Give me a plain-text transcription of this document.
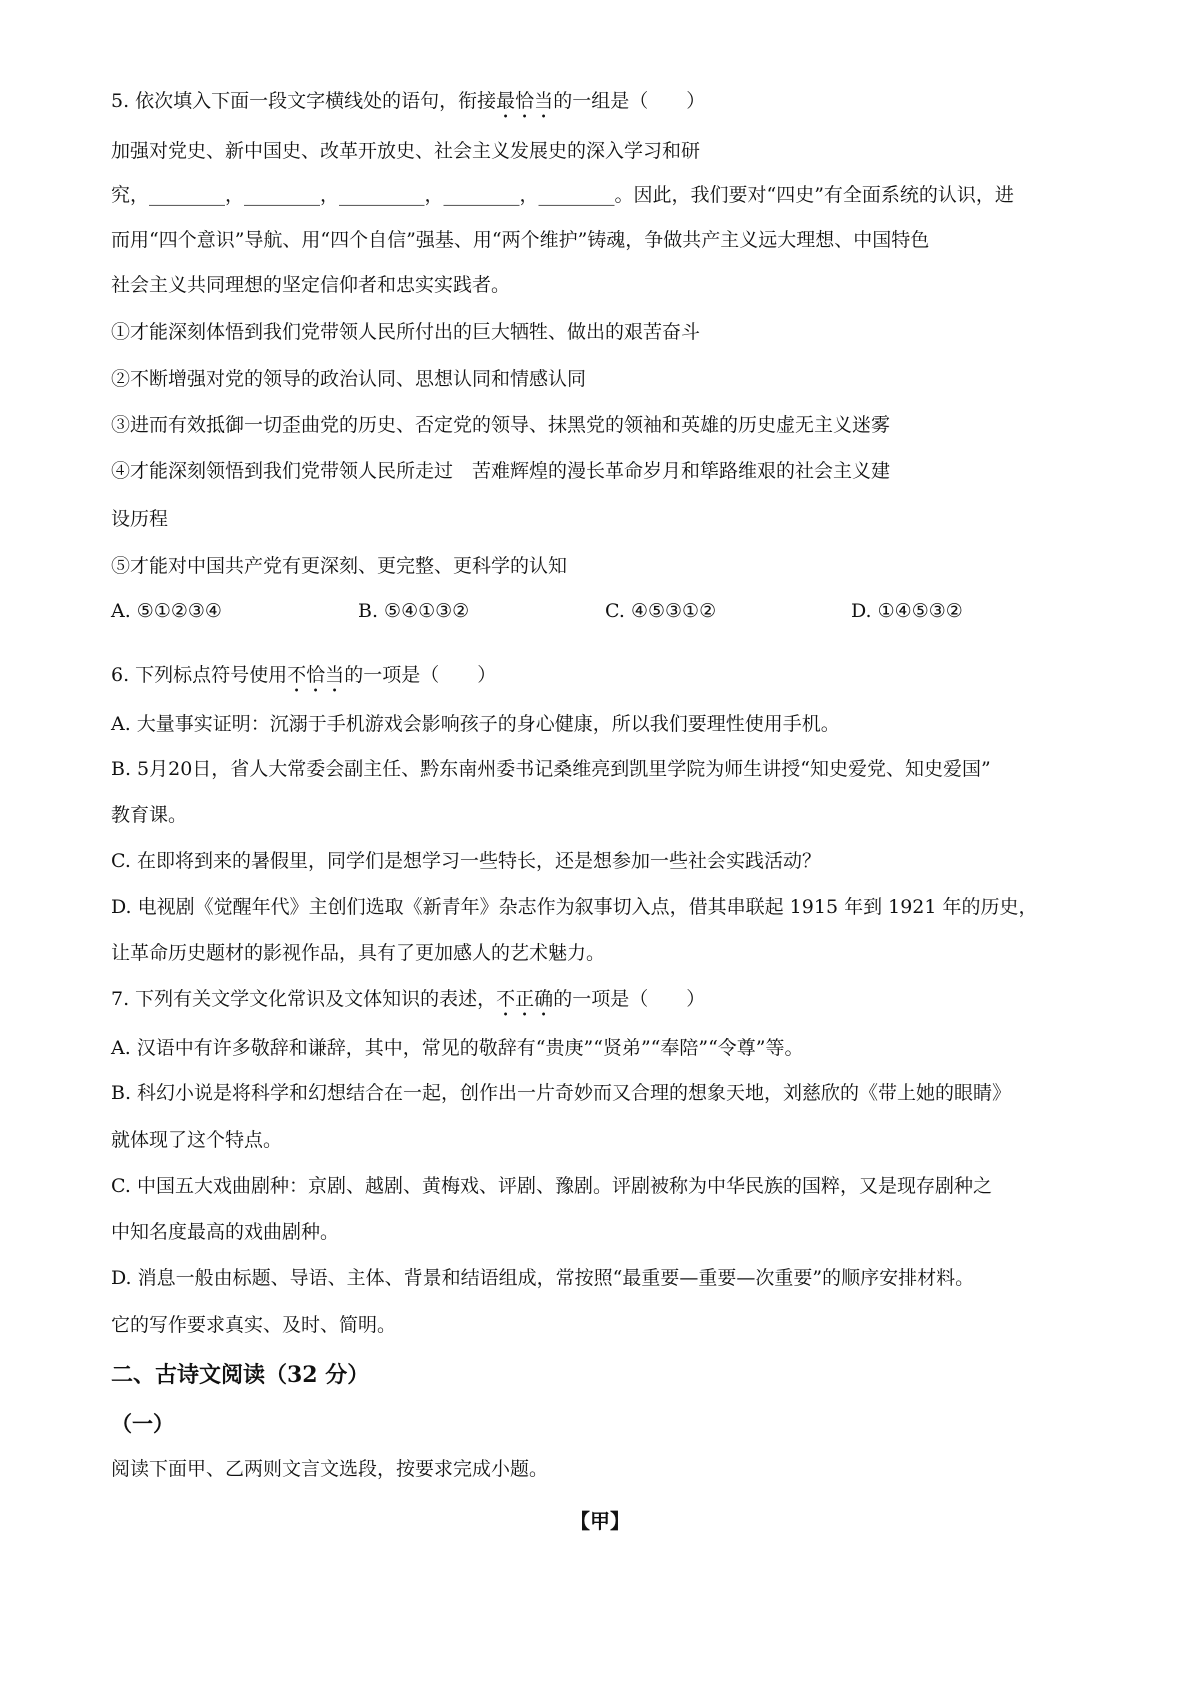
5. 依次填入下面一段文字横线处的语句，衔接最恰当的一组是（　　）
加强对党史、新中国史、改革开放史、社会主义发展史的深入学习和研
究，________，________，_________，________，________。因此，我们要对“四史”有全面系统的认识，进
而用“四个意识”导航、用“四个自信”强基、用“两个维护”铸魂，争做共产主义远大理想、中国特色
社会主义共同理想的坚定信仰者和忠实实践者。
①才能深刻体悟到我们党带领人民所付出的巨大牺牲、做出的艰苦奋斗
②不断增强对党的领导的政治认同、思想认同和情感认同
③进而有效抵御一切歪曲党的历史、否定党的领导、抹黑党的领袖和英雄的历史虚无主义迷雾
④才能深刻领悟到我们党带领人民所走过　苦难辉煌的漫长革命岁月和筚路维艰的社会主义建
设历程
⑤才能对中国共产党有更深刻、更完整、更科学的认知
A. ⑤①②③④	B. ⑤④①③②	C. ④⑤③①②	D. ①④⑤③②
6. 下列标点符号使用不恰当的一项是（　　）
A. 大量事实证明：沉溺于手机游戏会影响孩子的身心健康，所以我们要理性使用手机。
B. 5月20日，省人大常委会副主任、黔东南州委书记桑维亮到凯里学院为师生讲授“知史爱党、知史爱国”
教育课。
C. 在即将到来的暑假里，同学们是想学习一些特长，还是想参加一些社会实践活动？
D. 电视剧《觉醒年代》主创们选取《新青年》杂志作为叙事切入点，借其串联起 1915 年到 1921 年的历史，
让革命历史题材的影视作品，具有了更加感人的艺术魅力。
7. 下列有关文学文化常识及文体知识的表述，不正确的一项是（　　）
A. 汉语中有许多敬辞和谦辞，其中，常见的敬辞有“贵庚”“贤弟”“奉陪”“令尊”等。
B. 科幻小说是将科学和幻想结合在一起，创作出一片奇妙而又合理的想象天地，刘慈欣的《带上她的眼睛》
就体现了这个特点。
C. 中国五大戏曲剧种：京剧、越剧、黄梅戏、评剧、豫剧。评剧被称为中华民族的国粹，又是现存剧种之
中知名度最高的戏曲剧种。
D. 消息一般由标题、导语、主体、背景和结语组成，常按照“最重要—重要—次重要”的顺序安排材料。
它的写作要求真实、及时、简明。
二、古诗文阅读（32 分）
（一）
阅读下面甲、乙两则文言文选段，按要求完成小题。
【甲】
